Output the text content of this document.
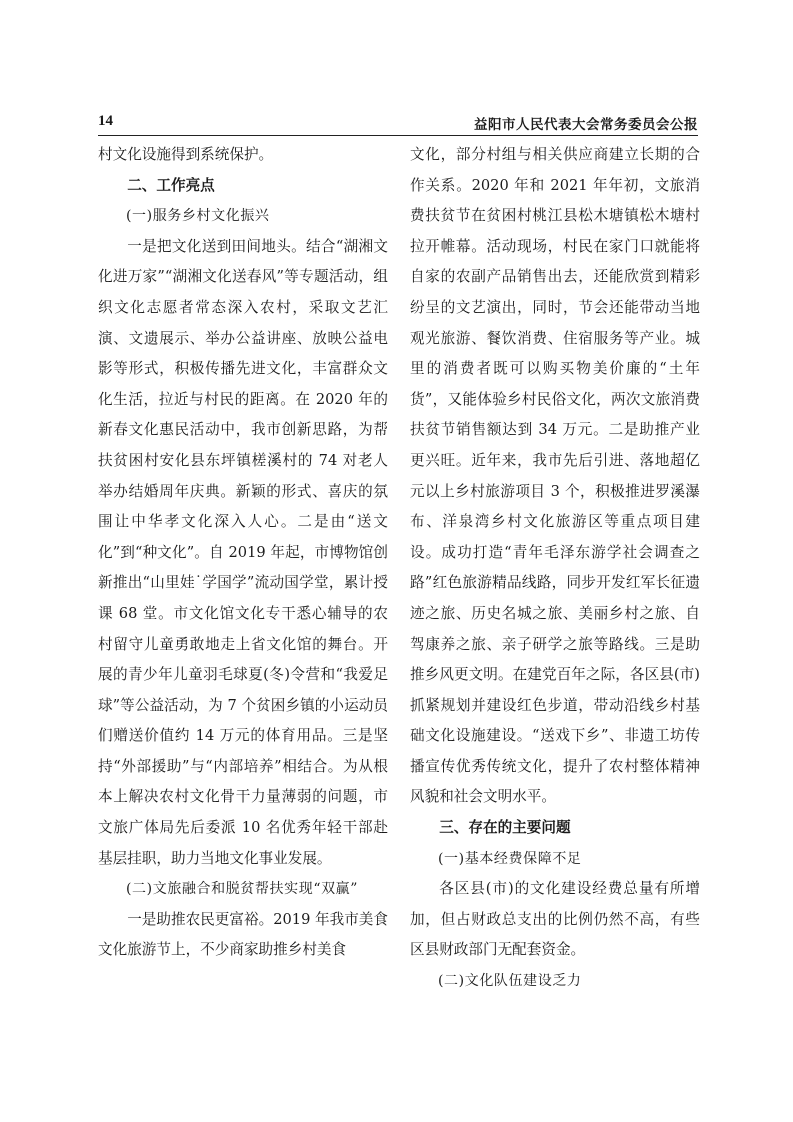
14	益阳市人民代表大会常务委员会公报

村文化设施得到系统保护。

二、工作亮点
(一)服务乡村文化振兴

一是把文化送到田间地头。结合“湖湘文化进万家”“湖湘文化送春风”等专题活动，组织文化志愿者常态深入农村，采取文艺汇演、文遗展示、举办公益讲座、放映公益电影等形式，积极传播先进文化，丰富群众文化生活，拉近与村民的距离。在 2020 年的新春文化惠民活动中，我市创新思路，为帮扶贫困村安化县东坪镇槎溪村的 74 对老人举办结婚周年庆典。新颖的形式、喜庆的氛围让中华孝文化深入人心。二是由“送文化”到“种文化”。自 2019 年起，市博物馆创新推出“山里娃˙学国学”流动国学堂，累计授课 68 堂。市文化馆文化专干悉心辅导的农村留守儿童勇敢地走上省文化馆的舞台。开展的青少年儿童羽毛球夏(冬)令营和“我爱足球”等公益活动，为 7 个贫困乡镇的小运动员们赠送价值约 14 万元的体育用品。三是坚持“外部援助”与“内部培养”相结合。为从根本上解决农村文化骨干力量薄弱的问题，市文旅广体局先后委派 10 名优秀年轻干部赴基层挂职，助力当地文化事业发展。

(二)文旅融合和脱贫帮扶实现“双赢”

一是助推农民更富裕。2019 年我市美食文化旅游节上，不少商家助推乡村美食

文化，部分村组与相关供应商建立长期的合作关系。2020 年和 2021 年年初，文旅消费扶贫节在贫困村桃江县松木塘镇松木塘村拉开帷幕。活动现场，村民在家门口就能将自家的农副产品销售出去，还能欣赏到精彩纷呈的文艺演出，同时，节会还能带动当地观光旅游、餐饮消费、住宿服务等产业。城里的消费者既可以购买物美价廉的“土年货”，又能体验乡村民俗文化，两次文旅消费扶贫节销售额达到 34 万元。二是助推产业更兴旺。近年来，我市先后引进、落地超亿元以上乡村旅游项目 3 个，积极推进罗溪瀑布、洋泉湾乡村文化旅游区等重点项目建设。成功打造“青年毛泽东游学社会调查之路”红色旅游精品线路，同步开发红军长征遗迹之旅、历史名城之旅、美丽乡村之旅、自驾康养之旅、亲子研学之旅等路线。三是助推乡风更文明。在建党百年之际，各区县(市)抓紧规划并建设红色步道，带动沿线乡村基础文化设施建设。“送戏下乡”、非遗工坊传播宣传优秀传统文化，提升了农村整体精神风貌和社会文明水平。

三、存在的主要问题
(一)基本经费保障不足

各区县(市)的文化建设经费总量有所增加，但占财政总支出的比例仍然不高，有些区县财政部门无配套资金。

(二)文化队伍建设乏力
